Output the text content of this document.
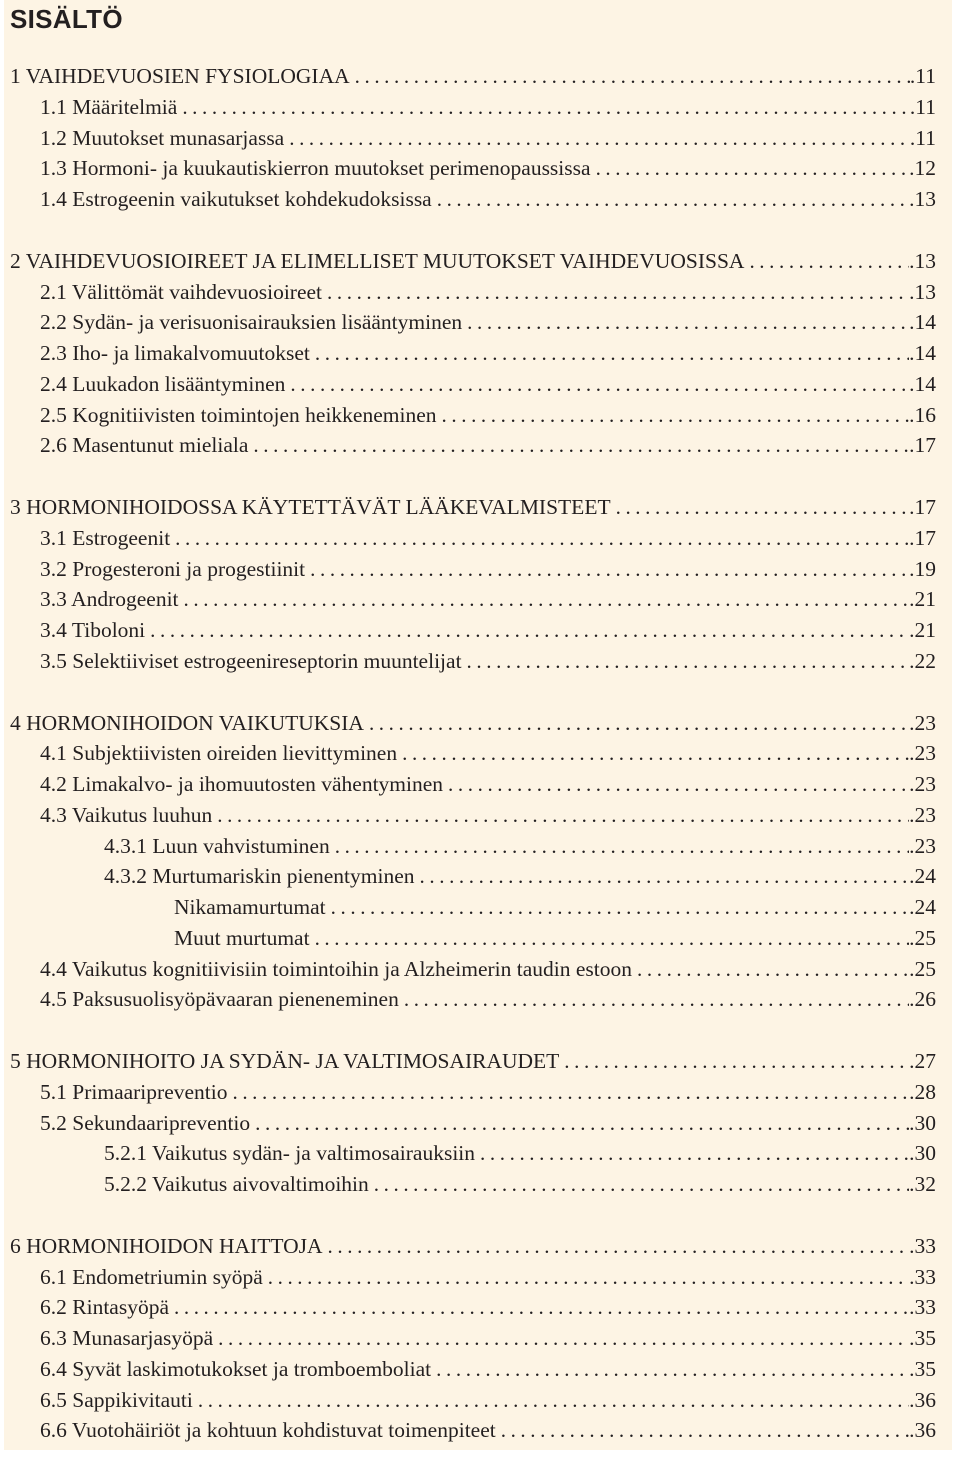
SISÄLTÖ
1 VAIHDEVUOSIEN FYSIOLOGIAA .....	.11
1.1 Määritelmiä .....	.11
1.2 Muutokset munasarjassa .....	.11
1.3 Hormoni- ja kuukautiskierron muutokset perimenopaussissa .....	.12
1.4 Estrogeenin vaikutukset kohdekudoksissa .....	.13
2 VAIHDEVUOSIOIREET JA ELIMELLISET MUUTOKSET VAIHDEVUOSISSA .....	.13
2.1 Välittömät vaihdevuosioireet .....	.13
2.2 Sydän- ja verisuonisairauksien lisääntyminen .....	.14
2.3 Iho- ja limakalvomuutokset .....	.14
2.4 Luukadon lisääntyminen .....	.14
2.5 Kognitiivisten toimintojen heikkeneminen .....	.16
2.6 Masentunut mieliala .....	.17
3 HORMONIHOIDOSSA KÄYTETTÄVÄT LÄÄKEVALMISTEET .....	.17
3.1 Estrogeenit .....	.17
3.2 Progesteroni ja progestiinit .....	.19
3.3 Androgeenit .....	.21
3.4 Tiboloni .....	.21
3.5 Selektiiviset estrogeenireseptorin muuntelijat .....	.22
4 HORMONIHOIDON VAIKUTUKSIA .....	.23
4.1 Subjektiivisten oireiden lievittyminen .....	.23
4.2 Limakalvo- ja ihomuutosten vähentyminen .....	.23
4.3 Vaikutus luuhun .....	.23
4.3.1 Luun vahvistuminen .....	.23
4.3.2 Murtumariskin pienentyminen .....	.24
Nikamamurtumat .....	.24
Muut murtumat .....	.25
4.4 Vaikutus kognitiivisiin toimintoihin ja Alzheimerin taudin estoon .....	.25
4.5 Paksusuolisyöpävaaran pieneneminen .....	.26
5 HORMONIHOITO JA SYDÄN- JA VALTIMOSAIRAUDET .....	.27
5.1 Primaaripreventio .....	.28
5.2 Sekundaaripreventio .....	.30
5.2.1 Vaikutus sydän- ja valtimosairauksiin .....	.30
5.2.2 Vaikutus aivovaltimoihin .....	.32
6 HORMONIHOIDON HAITTOJA .....	.33
6.1 Endometriumin syöpä .....	.33
6.2 Rintasyöpä .....	.33
6.3 Munasarjasyöpä .....	.35
6.4 Syvät laskimotukokset ja tromboemboliat .....	.35
6.5 Sappikivitauti .....	.36
6.6 Vuotohäiriöt ja kohtuun kohdistuvat toimenpiteet .....	.36
